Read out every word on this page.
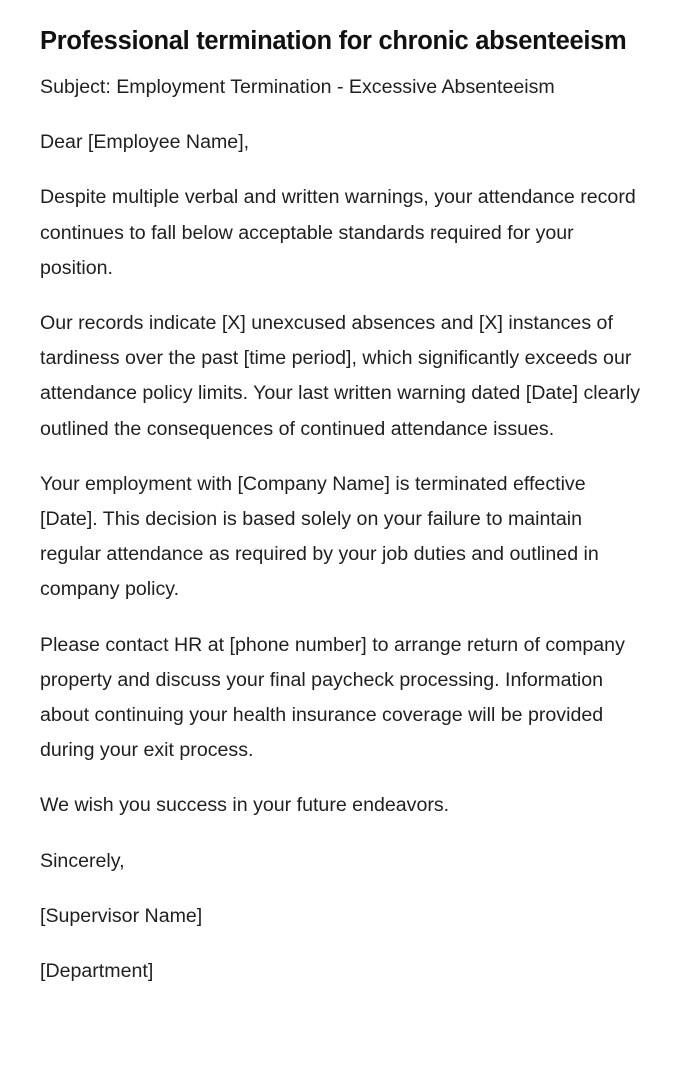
Professional termination for chronic absenteeism

Subject: Employment Termination - Excessive Absenteeism

Dear [Employee Name],

Despite multiple verbal and written warnings, your attendance record continues to fall below acceptable standards required for your position.

Our records indicate [X] unexcused absences and [X] instances of tardiness over the past [time period], which significantly exceeds our attendance policy limits. Your last written warning dated [Date] clearly outlined the consequences of continued attendance issues.

Your employment with [Company Name] is terminated effective [Date]. This decision is based solely on your failure to maintain regular attendance as required by your job duties and outlined in company policy.

Please contact HR at [phone number] to arrange return of company property and discuss your final paycheck processing. Information about continuing your health insurance coverage will be provided during your exit process.

We wish you success in your future endeavors.

Sincerely,

[Supervisor Name]

[Department]
